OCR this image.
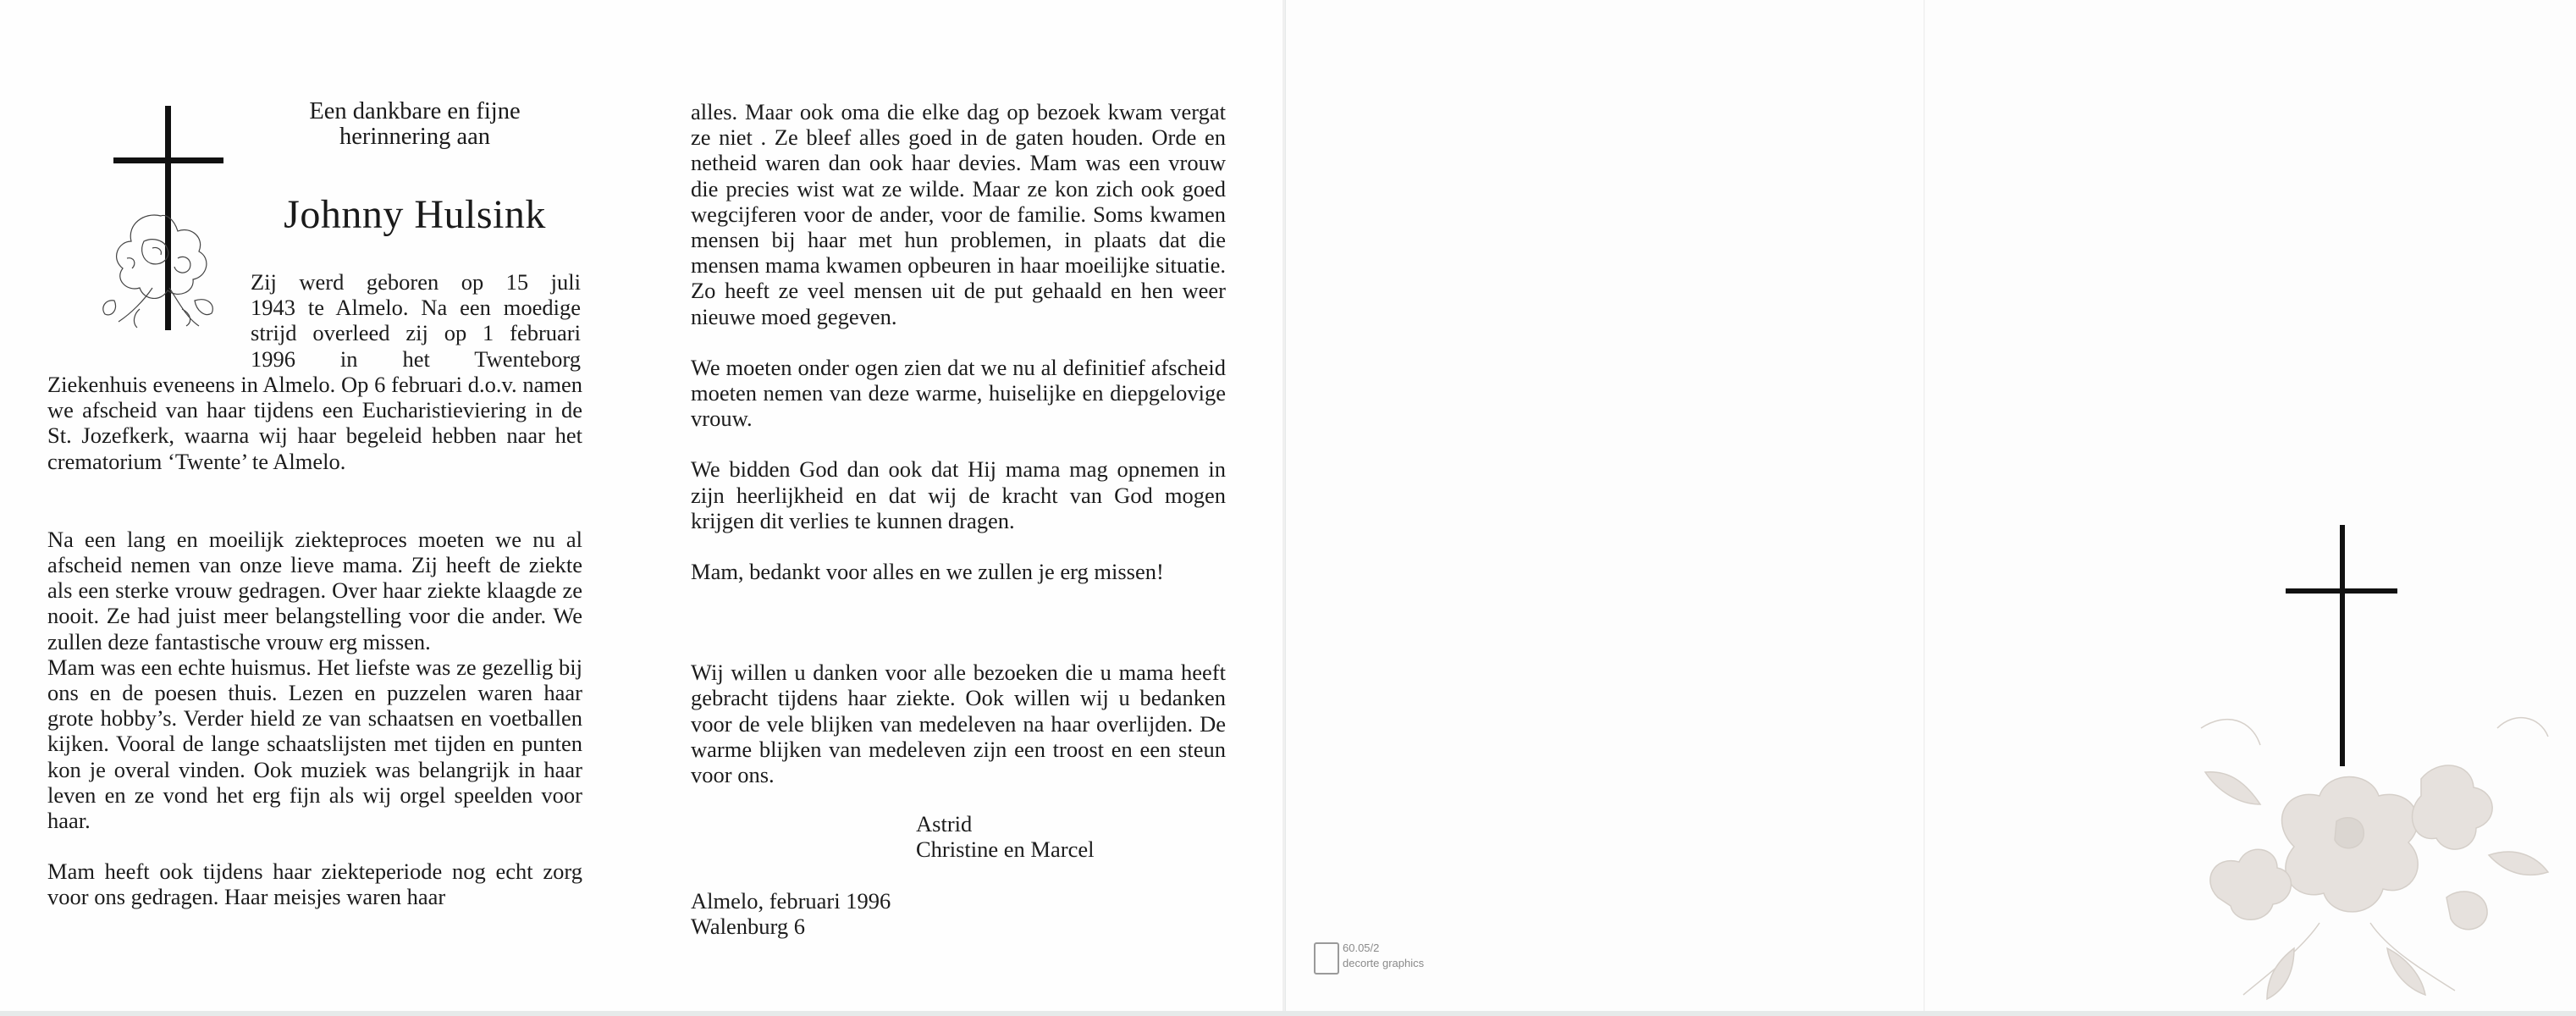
Een dankbare en fijne
herinnering aan
Johnny Hulsink

Zij werd geboren op 15 juli

1943 te Almelo. Na een moedige

strijd overleed zij op 1 februari

1996 in het Twenteborg

Ziekenhuis eveneens in Almelo. Op 6 februari d.o.v. namen we afscheid van haar tijdens een Eucharistieviering in de St. Jozefkerk, waarna wij haar begeleid hebben naar het crematorium ‘Twente’ te Almelo.

Na een lang en moeilijk ziekteproces moeten we nu al afscheid nemen van onze lieve mama. Zij heeft de ziekte als een sterke vrouw gedragen. Over haar ziekte klaagde ze nooit. Ze had juist meer belangstelling voor die ander. We zullen deze fantastische vrouw erg missen.

Mam was een echte huismus. Het liefste was ze gezellig bij ons en de poesen thuis. Lezen en puzzelen waren haar grote hobby’s. Verder hield ze van schaatsen en voetballen kijken. Vooral de lange schaatslijsten met tijden en punten kon je overal vinden. Ook muziek was belangrijk in haar leven en ze vond het erg fijn als wij orgel speelden voor haar.

Mam heeft ook tijdens haar ziekteperiode nog echt zorg voor ons gedragen. Haar meisjes waren haar

alles. Maar ook oma die elke dag op bezoek kwam vergat ze niet . Ze bleef alles goed in de gaten houden. Orde en netheid waren dan ook haar devies. Mam was een vrouw die precies wist wat ze wilde. Maar ze kon zich ook goed wegcijferen voor de ander, voor de familie. Soms kwamen mensen bij haar met hun problemen, in plaats dat die mensen mama kwamen opbeuren in haar moeilijke situatie. Zo heeft ze veel mensen uit de put gehaald en hen weer nieuwe moed gegeven.

We moeten onder ogen zien dat we nu al definitief afscheid moeten nemen van deze warme, huiselijke en diepgelovige vrouw.

We bidden God dan ook dat Hij mama mag opnemen in zijn heerlijkheid en dat wij de kracht van God mogen krijgen dit verlies te kunnen dragen.

Mam, bedankt voor alles en we zullen je erg missen!

Wij willen u danken voor alle bezoeken die u mama heeft gebracht tijdens haar ziekte. Ook willen wij u bedanken voor de vele blijken van medeleven na haar overlijden. De warme blijken van medeleven zijn een troost en een steun voor ons.

Astrid

Christine en Marcel

Almelo, februari 1996

Walenburg 6

60.05/2
decorte graphics
